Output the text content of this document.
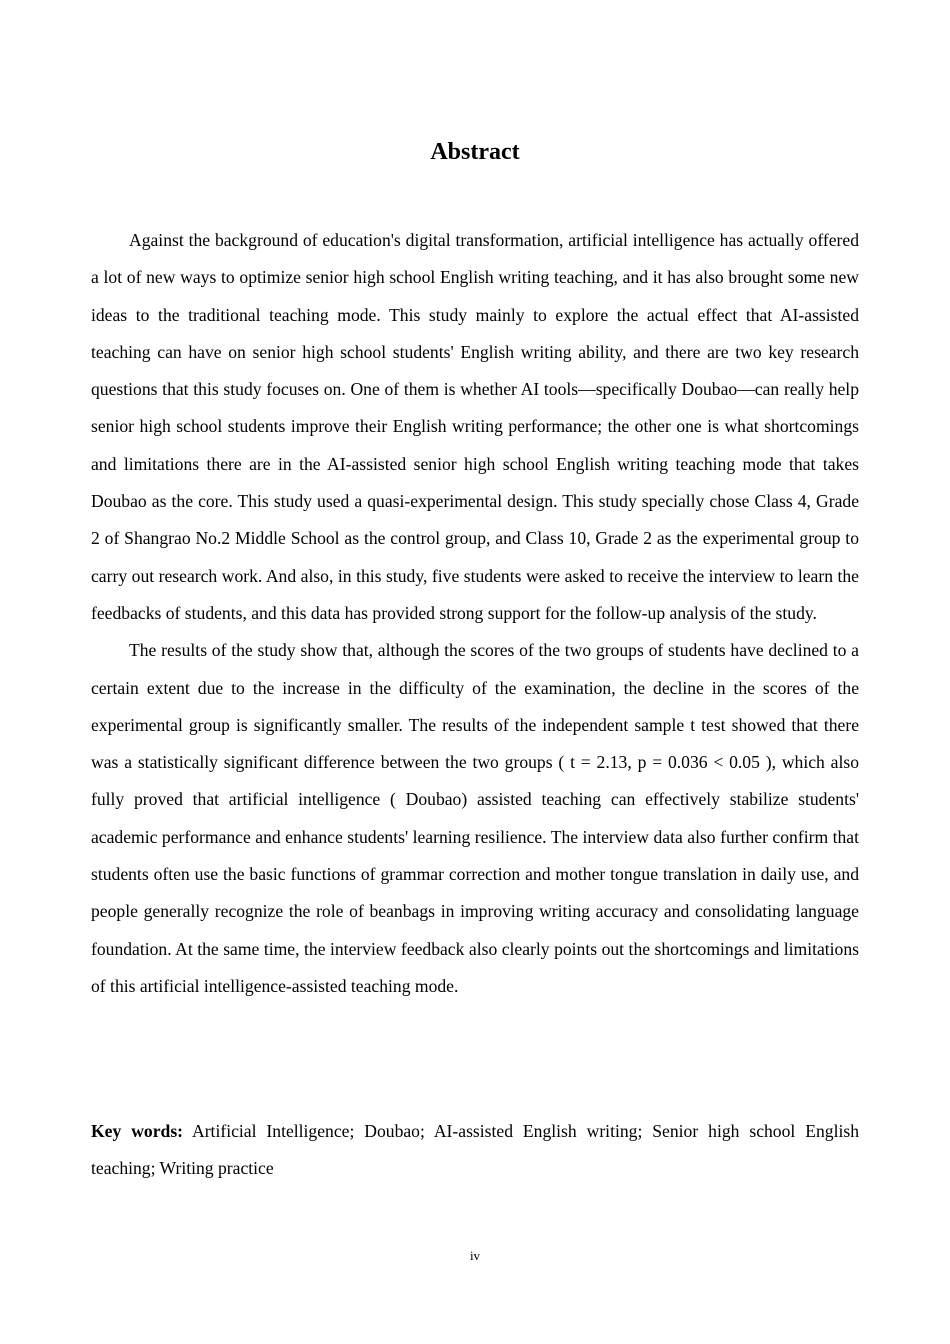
Abstract

Against the background of education's digital transformation, artificial intelligence has actually offered a lot of new ways to optimize senior high school English writing teaching, and it has also brought some new ideas to the traditional teaching mode. This study mainly to explore the actual effect that AI-assisted teaching can have on senior high school students' English writing ability, and there are two key research questions that this study focuses on. One of them is whether AI tools—specifically Doubao—can really help senior high school students improve their English writing performance; the other one is what shortcomings and limitations there are in the AI-assisted senior high school English writing teaching mode that takes Doubao as the core. This study used a quasi-experimental design. This study specially chose Class 4, Grade 2 of Shangrao No.2 Middle School as the control group, and Class 10, Grade 2 as the experimental group to carry out research work. And also, in this study, five students were asked to receive the interview to learn the feedbacks of students, and this data has provided strong support for the follow-up analysis of the study.

The results of the study show that, although the scores of the two groups of students have declined to a certain extent due to the increase in the difficulty of the examination, the decline in the scores of the experimental group is significantly smaller. The results of the independent sample t test showed that there was a statistically significant difference between the two groups ( t = 2.13, p = 0.036 < 0.05 ), which also fully proved that artificial intelligence ( Doubao) assisted teaching can effectively stabilize students' academic performance and enhance students' learning resilience. The interview data also further confirm that students often use the basic functions of grammar correction and mother tongue translation in daily use, and people generally recognize the role of beanbags in improving writing accuracy and consolidating language foundation. At the same time, the interview feedback also clearly points out the shortcomings and limitations of this artificial intelligence-assisted teaching mode.

Key words: Artificial Intelligence; Doubao; AI-assisted English writing; Senior high school English teaching; Writing practice

iv
